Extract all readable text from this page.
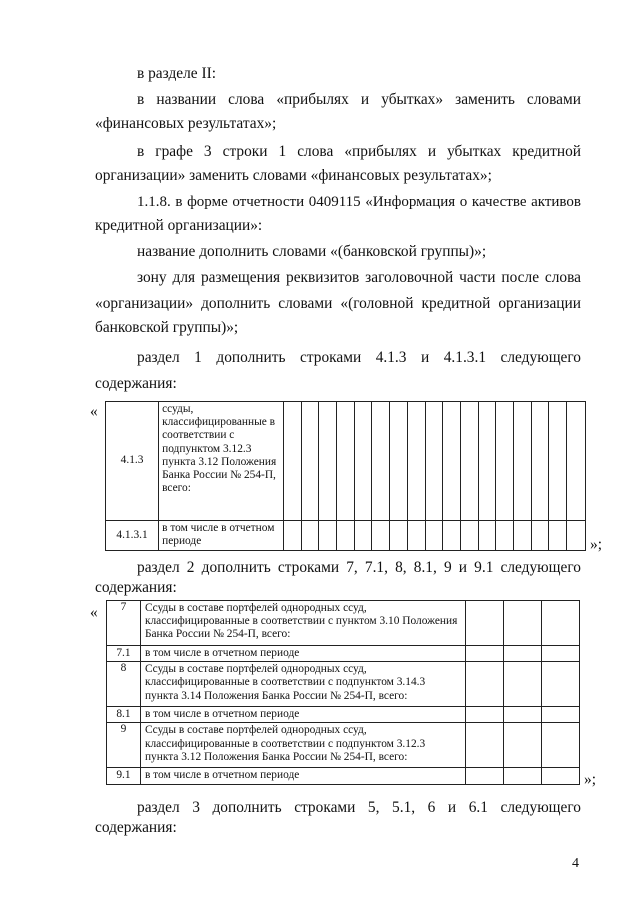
в разделе II:

в названии слова «прибылях и убытках» заменить словами

«финансовых результатах»;

в графе 3 строки 1 слова «прибылях и убытках кредитной

организации» заменить словами «финансовых результатах»;

1.1.8. в форме отчетности 0409115 «Информация о качестве активов

кредитной организации»:

название дополнить словами «(банковской группы)»;

зону для размещения реквизитов заголовочной части после слова

«организации» дополнить словами «(головной кредитной организации

банковской группы)»;

раздел 1 дополнить строками 4.1.3 и 4.1.3.1 следующего

содержания:

«
4.1.3	ссуды, классифицированные в соответствии с подпунктом 3.12.3 пункта 3.12 Положения Банка России № 254-П, всего:																	
4.1.3.1	в том числе в отчетном периоде																		»;

раздел 2 дополнить строками 7, 7.1, 8, 8.1, 9 и 9.1 следующего

содержания:

« 7	Ссуды в составе портфелей однородных ссуд, классифицированные в соответствии с пунктом 3.10 Положения Банка России № 254-П, всего:			
7.1	в том числе в отчетном периоде			
8	Ссуды в составе портфелей однородных ссуд, классифицированные в соответствии с подпунктом 3.14.3 пункта 3.14 Положения Банка России № 254-П, всего:			
8.1	в том числе в отчетном периоде			
9	Ссуды в составе портфелей однородных ссуд, классифицированные в соответствии с подпунктом 3.12.3 пункта 3.12 Положения Банка России № 254-П, всего:			
9.1	в том числе в отчетном периоде				»;

раздел 3 дополнить строками 5, 5.1, 6 и 6.1 следующего

содержания:

4
